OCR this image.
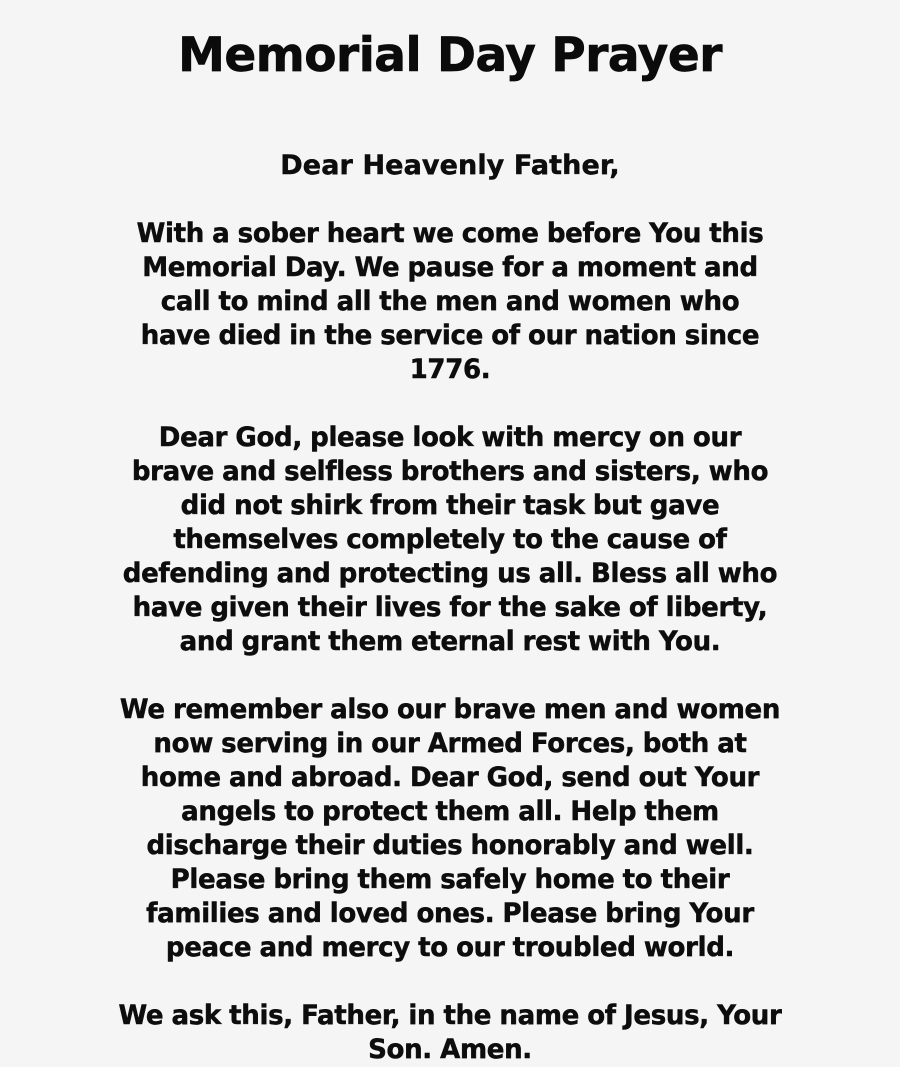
Memorial Day Prayer

Dear Heavenly Father,

With a sober heart we come before You this Memorial Day. We pause for a moment and call to mind all the men and women who have died in the service of our nation since 1776.

Dear God, please look with mercy on our brave and selfless brothers and sisters, who did not shirk from their task but gave themselves completely to the cause of defending and protecting us all. Bless all who have given their lives for the sake of liberty, and grant them eternal rest with You.

We remember also our brave men and women now serving in our Armed Forces, both at home and abroad. Dear God, send out Your angels to protect them all. Help them discharge their duties honorably and well. Please bring them safely home to their families and loved ones. Please bring Your peace and mercy to our troubled world.

We ask this, Father, in the name of Jesus, Your Son. Amen.
